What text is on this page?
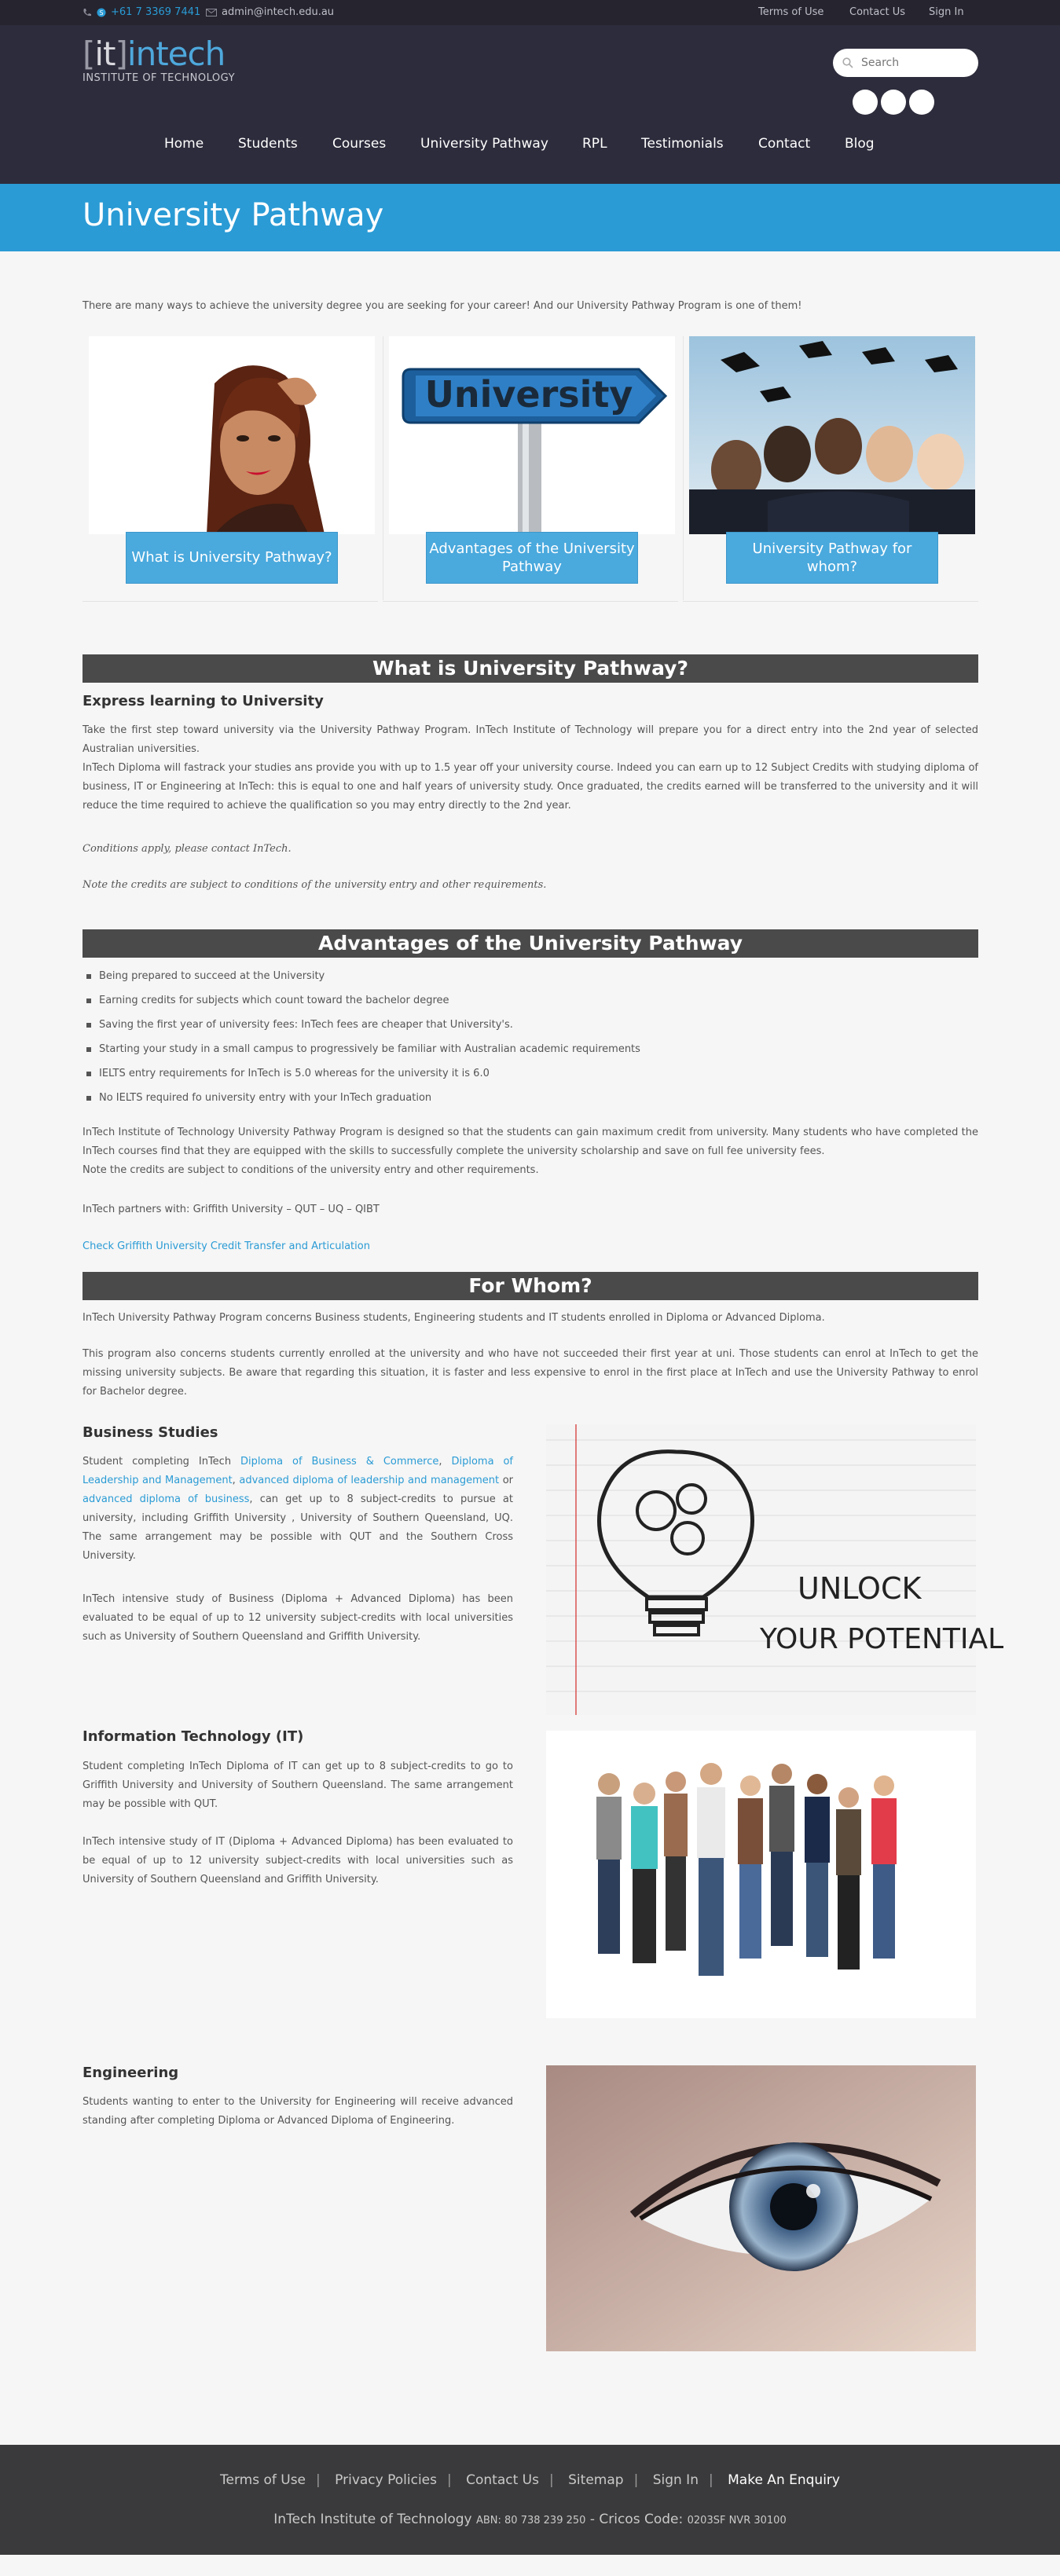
S +61 7 3369 7441 admin@intech.edu.au	Terms of Use	Contact Us Sign In
[it]intech
INSTITUTE OF TECHNOLOGY
Search
Home	Students	Courses	University Pathway	RPL	Testimonials	Contact	Blog
University Pathway
There are many ways to achieve the university degree you are seeking for your career! And our University Pathway Program is one of them!
What is University Pathway?
University
Advantages of the University Pathway
University Pathway for whom?
What is University Pathway?
Express learning to University
Take the first step toward university via the University Pathway Program. InTech Institute of Technology will prepare you for a direct entry into the 2nd year of selected Australian universities.
InTech Diploma will fastrack your studies ans provide you with up to 1.5 year off your university course. Indeed you can earn up to 12 Subject Credits with studying diploma of business, IT or Engineering at InTech: this is equal to one and half years of university study. Once graduated, the credits earned will be transferred to the university and it will reduce the time required to achieve the qualification so you may entry directly to the 2nd year.
Conditions apply, please contact InTech.
Note the credits are subject to conditions of the university entry and other requirements.
Advantages of the University Pathway
Being prepared to succeed at the University
Earning credits for subjects which count toward the bachelor degree
Saving the first year of university fees: InTech fees are cheaper that University's.
Starting your study in a small campus to progressively be familiar with Australian academic requirements
IELTS entry requirements for InTech is 5.0 whereas for the university it is 6.0
No IELTS required fo university entry with your InTech graduation
InTech Institute of Technology University Pathway Program is designed so that the students can gain maximum credit from university. Many students who have completed the InTech courses find that they are equipped with the skills to successfully complete the university scholarship and save on full fee university fees.
Note the credits are subject to conditions of the university entry and other requirements.
InTech partners with: Griffith University – QUT – UQ – QIBT
Check Griffith University Credit Transfer and Articulation
For Whom?
InTech University Pathway Program concerns Business students, Engineering students and IT students enrolled in Diploma or Advanced Diploma.
This program also concerns students currently enrolled at the university and who have not succeeded their first year at uni. Those students can enrol at InTech to get the missing university subjects. Be aware that regarding this situation, it is faster and less expensive to enrol in the first place at InTech and use the University Pathway to enrol for Bachelor degree.
Business Studies
Student completing InTech Diploma of Business & Commerce, Diploma of Leadership and Management, advanced diploma of leadership and management or advanced diploma of business, can get up to 8 subject-credits to pursue at university, including Griffith University , University of Southern Queensland, UQ. The same arrangement may be possible with QUT and the Southern Cross University.
InTech intensive study of Business (Diploma + Advanced Diploma) has been evaluated to be equal of up to 12 university subject-credits with local universities such as University of Southern Queensland and Griffith University.
UNLOCK
YOUR POTENTIAL
Information Technology (IT)
Student completing InTech Diploma of IT can get up to 8 subject-credits to go to Griffith University and University of Southern Queensland. The same arrangement may be possible with QUT.
InTech intensive study of IT (Diploma + Advanced Diploma) has been evaluated to be equal of up to 12 university subject-credits with local universities such as University of Southern Queensland and Griffith University.
Engineering
Students wanting to enter to the University for Engineering will receive advanced standing after completing Diploma or Advanced Diploma of Engineering.
Terms of Use | Privacy Policies | Contact Us | Sitemap | Sign In | Make An Enquiry
InTech Institute of Technology ABN: 80 738 239 250 - Cricos Code: 0203SF NVR 30100
